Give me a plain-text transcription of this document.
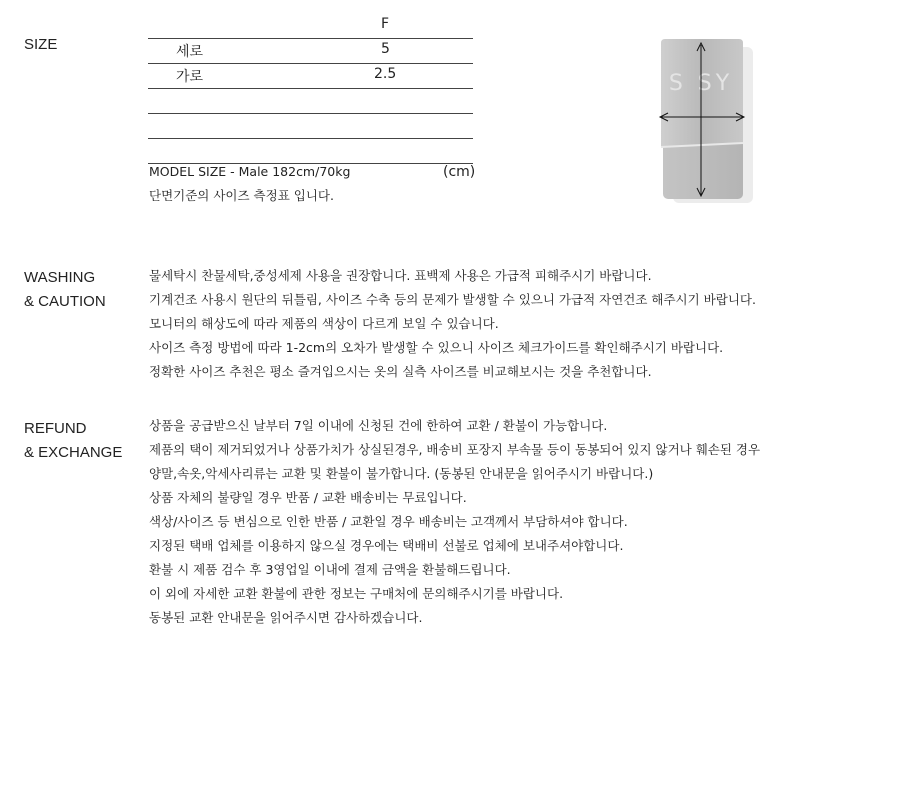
SIZE
F
세로	5
가로	2.5
MODEL SIZE - Male 182cm/70kg	(cm)
단면기준의 사이즈 측정표 입니다.
S SY
WASHING
& CAUTION
물세탁시 찬물세탁,중성세제 사용을 권장합니다. 표백제 사용은 가급적 피해주시기 바랍니다.
기계건조 사용시 원단의 뒤틀림, 사이즈 수축 등의 문제가 발생할 수 있으니 가급적 자연건조 해주시기 바랍니다.
모니터의 해상도에 따라 제품의 색상이 다르게 보일 수 있습니다.
사이즈 측정 방법에 따라 1-2cm의 오차가 발생할 수 있으니 사이즈 체크가이드를 확인해주시기 바랍니다.
정확한 사이즈 추천은 평소 즐겨입으시는 옷의 실측 사이즈를 비교해보시는 것을 추천합니다.
REFUND
& EXCHANGE
상품을 공급받으신 날부터 7일 이내에 신청된 건에 한하여 교환 / 환불이 가능합니다.
제품의 택이 제거되었거나 상품가치가 상실된경우, 배송비 포장지 부속물 등이 동봉되어 있지 않거나 훼손된 경우
양말,속옷,악세사리류는 교환 및 환불이 불가합니다. (동봉된 안내문을 읽어주시기 바랍니다.)
상품 자체의 불량일 경우 반품 / 교환 배송비는 무료입니다.
색상/사이즈 등 변심으로 인한 반품 / 교환일 경우 배송비는 고객께서 부담하셔야 합니다.
지정된 택배 업체를 이용하지 않으실 경우에는 택배비 선불로 업체에 보내주셔야합니다.
환불 시 제품 검수 후 3영업일 이내에 결제 금액을 환불해드립니다.
이 외에 자세한 교환 환불에 관한 정보는 구매처에 문의해주시기를 바랍니다.
동봉된 교환 안내문을 읽어주시면 감사하겠습니다.
